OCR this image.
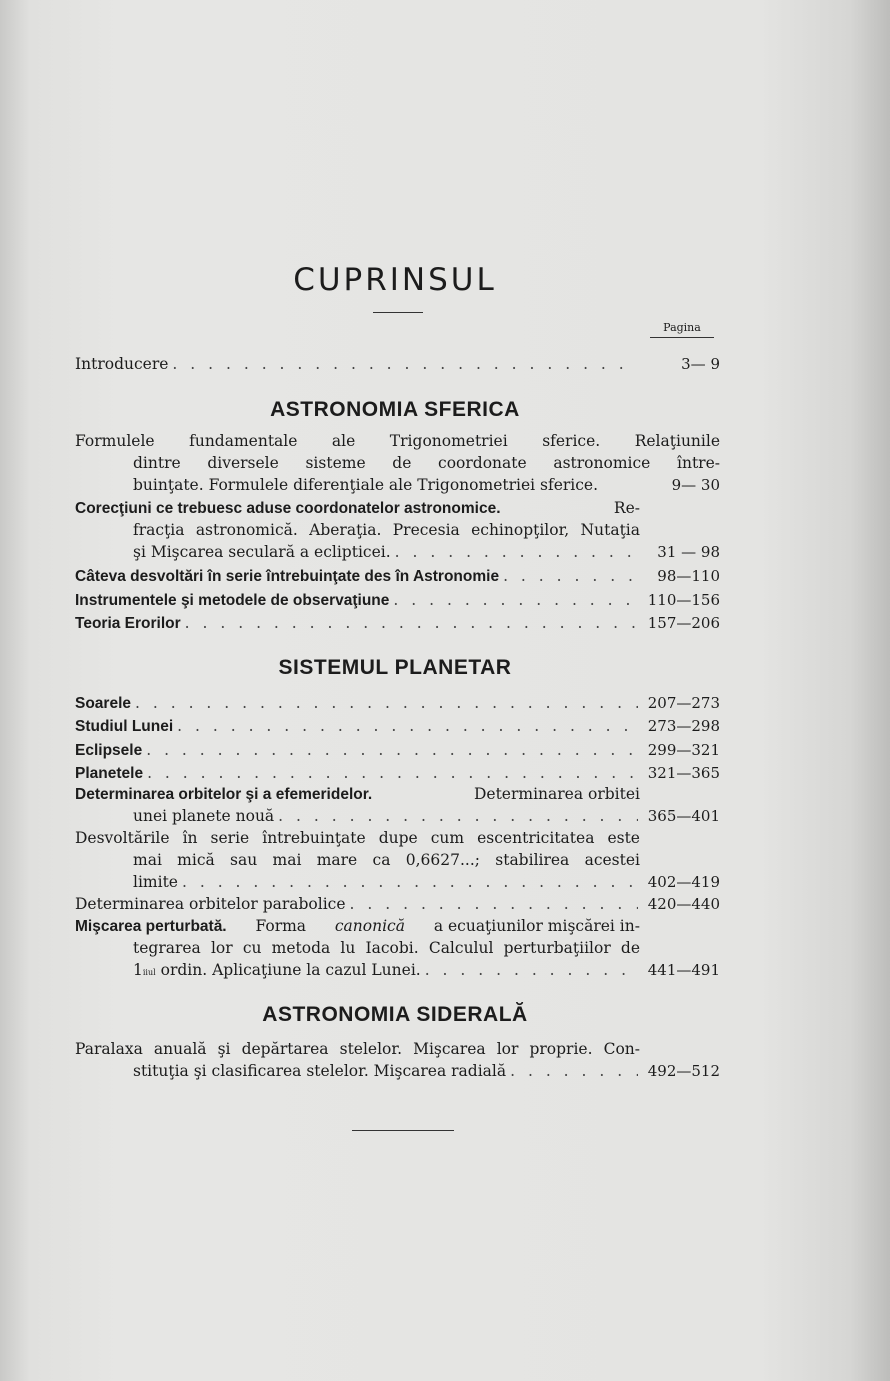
CUPRINSUL
Pagina
Introducere . . .	3— 9
ASTRONOMIA SFERICA
Formulele fundamentale ale Trigonometriei sferice. Relaţiunile
dintre diversele sisteme de coordonate astronomice între-
buinţate. Formulele diferenţiale ale Trigonometriei sferice.	9— 30
Corecţiuni ce trebuesc aduse coordonatelor astronomice.	Re-
fracţia astronomică. Aberaţia. Precesia echinopţilor, Nutaţia
şi Mişcarea seculară a eclipticei. . . .	31 — 98
Câteva desvoltări în serie întrebuinţate des în Astronomie . . .	98—110
Instrumentele şi metodele de observaţiune . . .	110—156
Teoria Erorilor . . .	157—206
SISTEMUL PLANETAR
Soarele . . .	207—273
Studiul Lunei . . .	273—298
Eclipsele . . .	299—321
Planetele . . .	321—365
Determinarea orbitelor şi a efemeridelor.	Determinarea orbitei
unei planete nouă . . .	365—401
Desvoltările în serie întrebuinţate dupe cum escentricitatea este
mai mică sau mai mare ca 0,6627...; stabilirea acestei
limite . . .	402—419
Determinarea orbitelor parabolice . . .	420—440
Mişcarea perturbată. Forma canonică a ecuaţiunilor mişcărei in-
tegrarea lor cu metoda lu Iacobi. Calculul perturbaţiilor de
1 iiul
ordin. Aplicaţiune la cazul Lunei. . . .	441—491
ASTRONOMIA SIDERALĂ
Paralaxa anuală şi depărtarea stelelor. Mişcarea lor proprie. Con-
stituţia şi clasificarea stelelor. Mişcarea radială . . .	492—512
